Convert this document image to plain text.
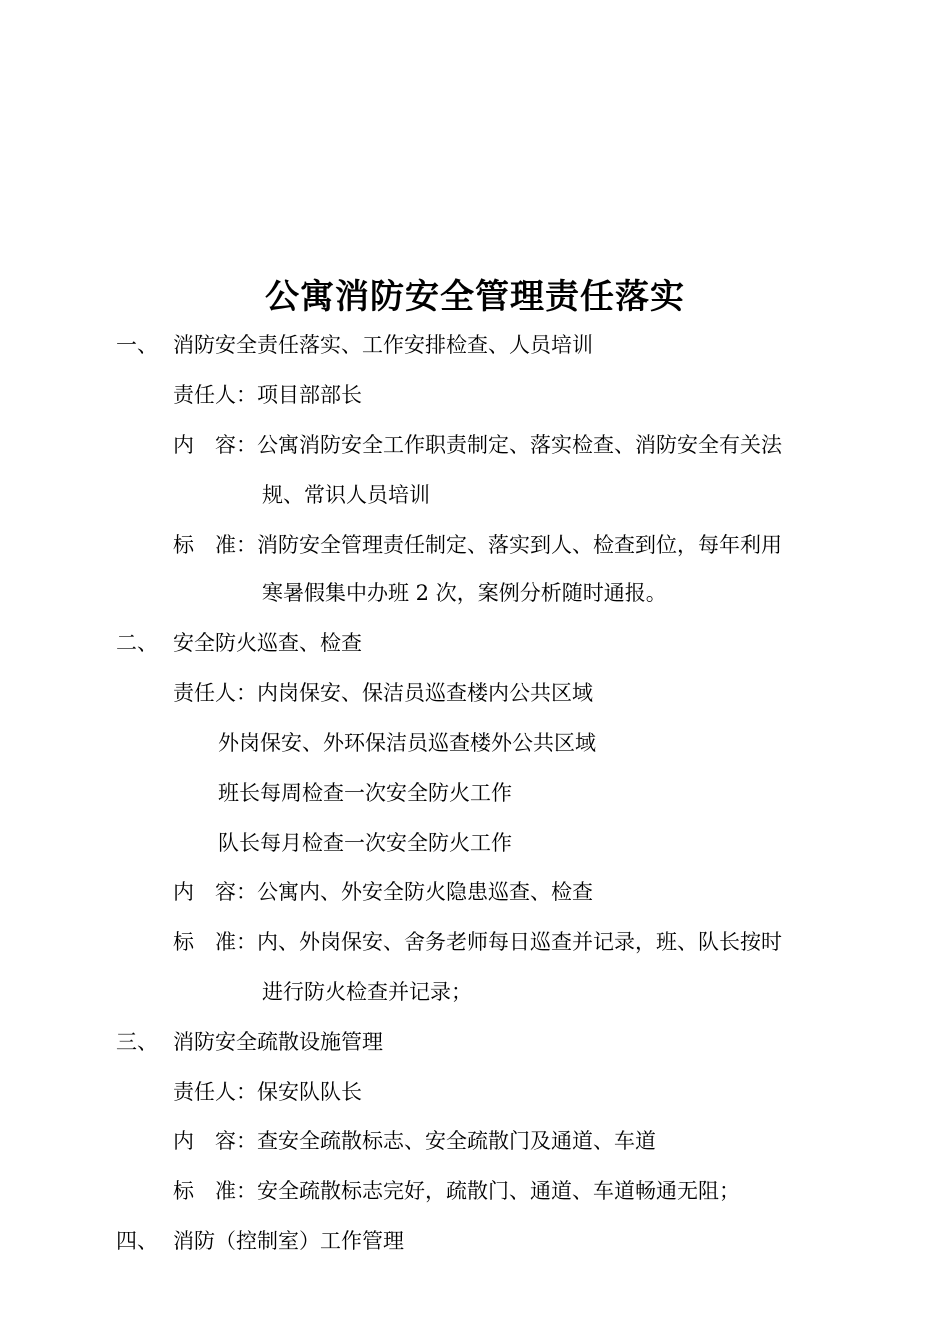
公寓消防安全管理责任落实
一、 消防安全责任落实、工作安排检查、人员培训
责任人：项目部部长
内　容：公寓消防安全工作职责制定、落实检查、消防安全有关法
规、常识人员培训
标　准：消防安全管理责任制定、落实到人、检查到位，每年利用
寒暑假集中办班 2 次，案例分析随时通报。
二、 安全防火巡查、检查
责任人：内岗保安、保洁员巡查楼内公共区域
外岗保安、外环保洁员巡查楼外公共区域
班长每周检查一次安全防火工作
队长每月检查一次安全防火工作
内　容：公寓内、外安全防火隐患巡查、检查
标　准：内、外岗保安、舍务老师每日巡查并记录，班、队长按时
进行防火检查并记录；
三、 消防安全疏散设施管理
责任人：保安队队长
内　容：查安全疏散标志、安全疏散门及通道、车道
标　准：安全疏散标志完好，疏散门、通道、车道畅通无阻；
四、 消防（控制室）工作管理
